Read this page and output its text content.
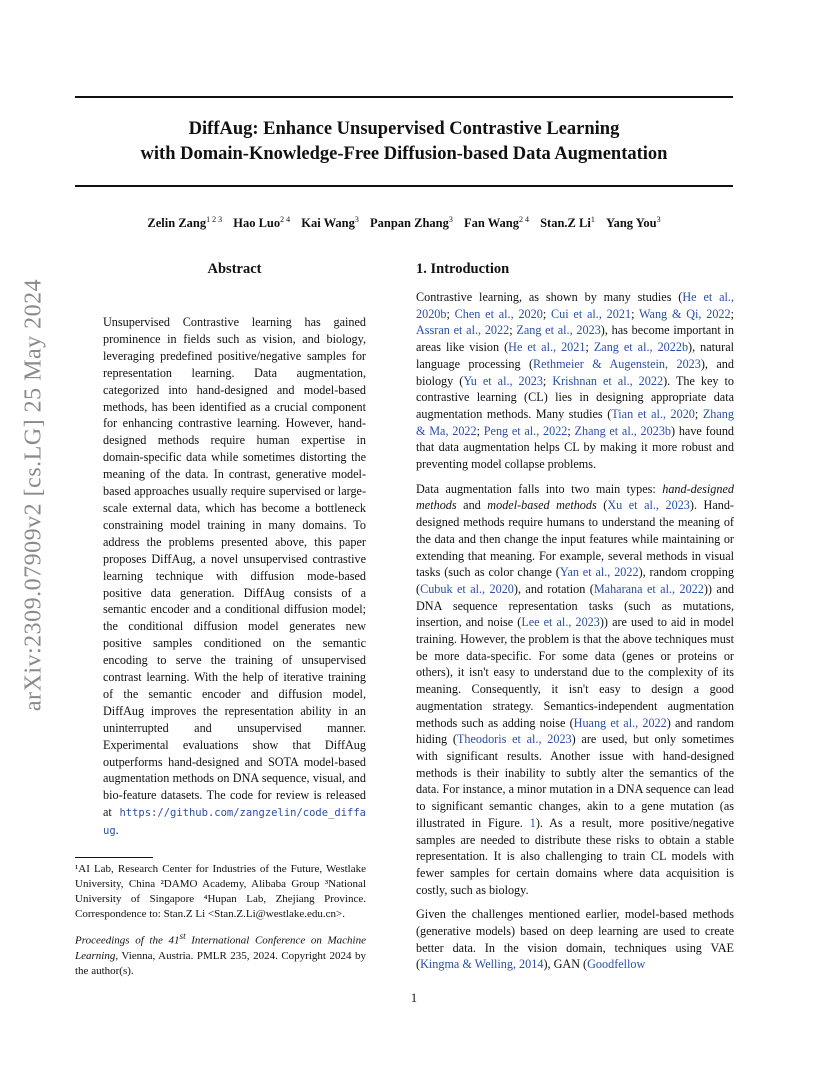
arXiv:2309.07909v2 [cs.LG] 25 May 2024
DiffAug: Enhance Unsupervised Contrastive Learning
with Domain-Knowledge-Free Diffusion-based Data Augmentation
Zelin Zang$^{1 2 3}$ Hao Luo$^{2 4}$ Kai Wang$^3$ Panpan Zhang$^3$ Fan Wang$^{2 4}$ Stan.Z Li$^1$ Yang You$^3$
Abstract
Unsupervised Contrastive learning has gained prominence in fields such as vision, and biology, leveraging predefined positive/negative samples for representation learning. Data augmentation, categorized into hand-designed and model-based methods, has been identified as a crucial component for enhancing contrastive learning. However, hand-designed methods require human expertise in domain-specific data while sometimes distorting the meaning of the data. In contrast, generative model-based approaches usually require supervised or large-scale external data, which has become a bottleneck constraining model training in many domains. To address the problems presented above, this paper proposes DiffAug, a novel unsupervised contrastive learning technique with diffusion mode-based positive data generation. DiffAug consists of a semantic encoder and a conditional diffusion model; the conditional diffusion model generates new positive samples conditioned on the semantic encoding to serve the training of unsupervised contrast learning. With the help of iterative training of the semantic encoder and diffusion model, DiffAug improves the representation ability in an uninterrupted and unsupervised manner. Experimental evaluations show that DiffAug outperforms hand-designed and SOTA model-based augmentation methods on DNA sequence, visual, and bio-feature datasets. The code for review is released at https://github.com/zangzelin/code_diffaug.
¹AI Lab, Research Center for Industries of the Future, Westlake University, China ²DAMO Academy, Alibaba Group ³National University of Singapore ⁴Hupan Lab, Zhejiang Province. Correspondence to: Stan.Z Li <Stan.Z.Li@westlake.edu.cn>.
Proceedings of the 41st International Conference on Machine Learning, Vienna, Austria. PMLR 235, 2024. Copyright 2024 by the author(s).
1. Introduction

Contrastive learning, as shown by many studies (He et al., 2020b; Chen et al., 2020; Cui et al., 2021; Wang & Qi, 2022; Assran et al., 2022; Zang et al., 2023), has become important in areas like vision (He et al., 2021; Zang et al., 2022b), natural language processing (Rethmeier & Augenstein, 2023), and biology (Yu et al., 2023; Krishnan et al., 2022). The key to contrastive learning (CL) lies in designing appropriate data augmentation methods. Many studies (Tian et al., 2020; Zhang & Ma, 2022; Peng et al., 2022; Zhang et al., 2023b) have found that data augmentation helps CL by making it more robust and preventing model collapse problems.

Data augmentation falls into two main types: hand-designed methods and model-based methods (Xu et al., 2023). Hand-designed methods require humans to understand the meaning of the data and then change the input features while maintaining or extending that meaning. For example, several methods in visual tasks (such as color change (Yan et al., 2022), random cropping (Cubuk et al., 2020), and rotation (Maharana et al., 2022)) and DNA sequence representation tasks (such as mutations, insertion, and noise (Lee et al., 2023)) are used to aid in model training. However, the problem is that the above techniques must be more data-specific. For some data (genes or proteins or others), it isn't easy to understand due to the complexity of its meaning. Consequently, it isn't easy to design a good augmentation strategy. Semantics-independent augmentation methods such as adding noise (Huang et al., 2022) and random hiding (Theodoris et al., 2023) are used, but only sometimes with significant results. Another issue with hand-designed methods is their inability to subtly alter the semantics of the data. For instance, a minor mutation in a DNA sequence can lead to significant semantic changes, akin to a gene mutation (as illustrated in Figure. 1). As a result, more positive/negative samples are needed to distribute these risks to obtain a stable representation. It is also challenging to train CL models with fewer samples for certain domains where data acquisition is costly, such as biology.

Given the challenges mentioned earlier, model-based methods (generative models) based on deep learning are used to create better data. In the vision domain, techniques using VAE (Kingma & Welling, 2014), GAN (Goodfellow

1
